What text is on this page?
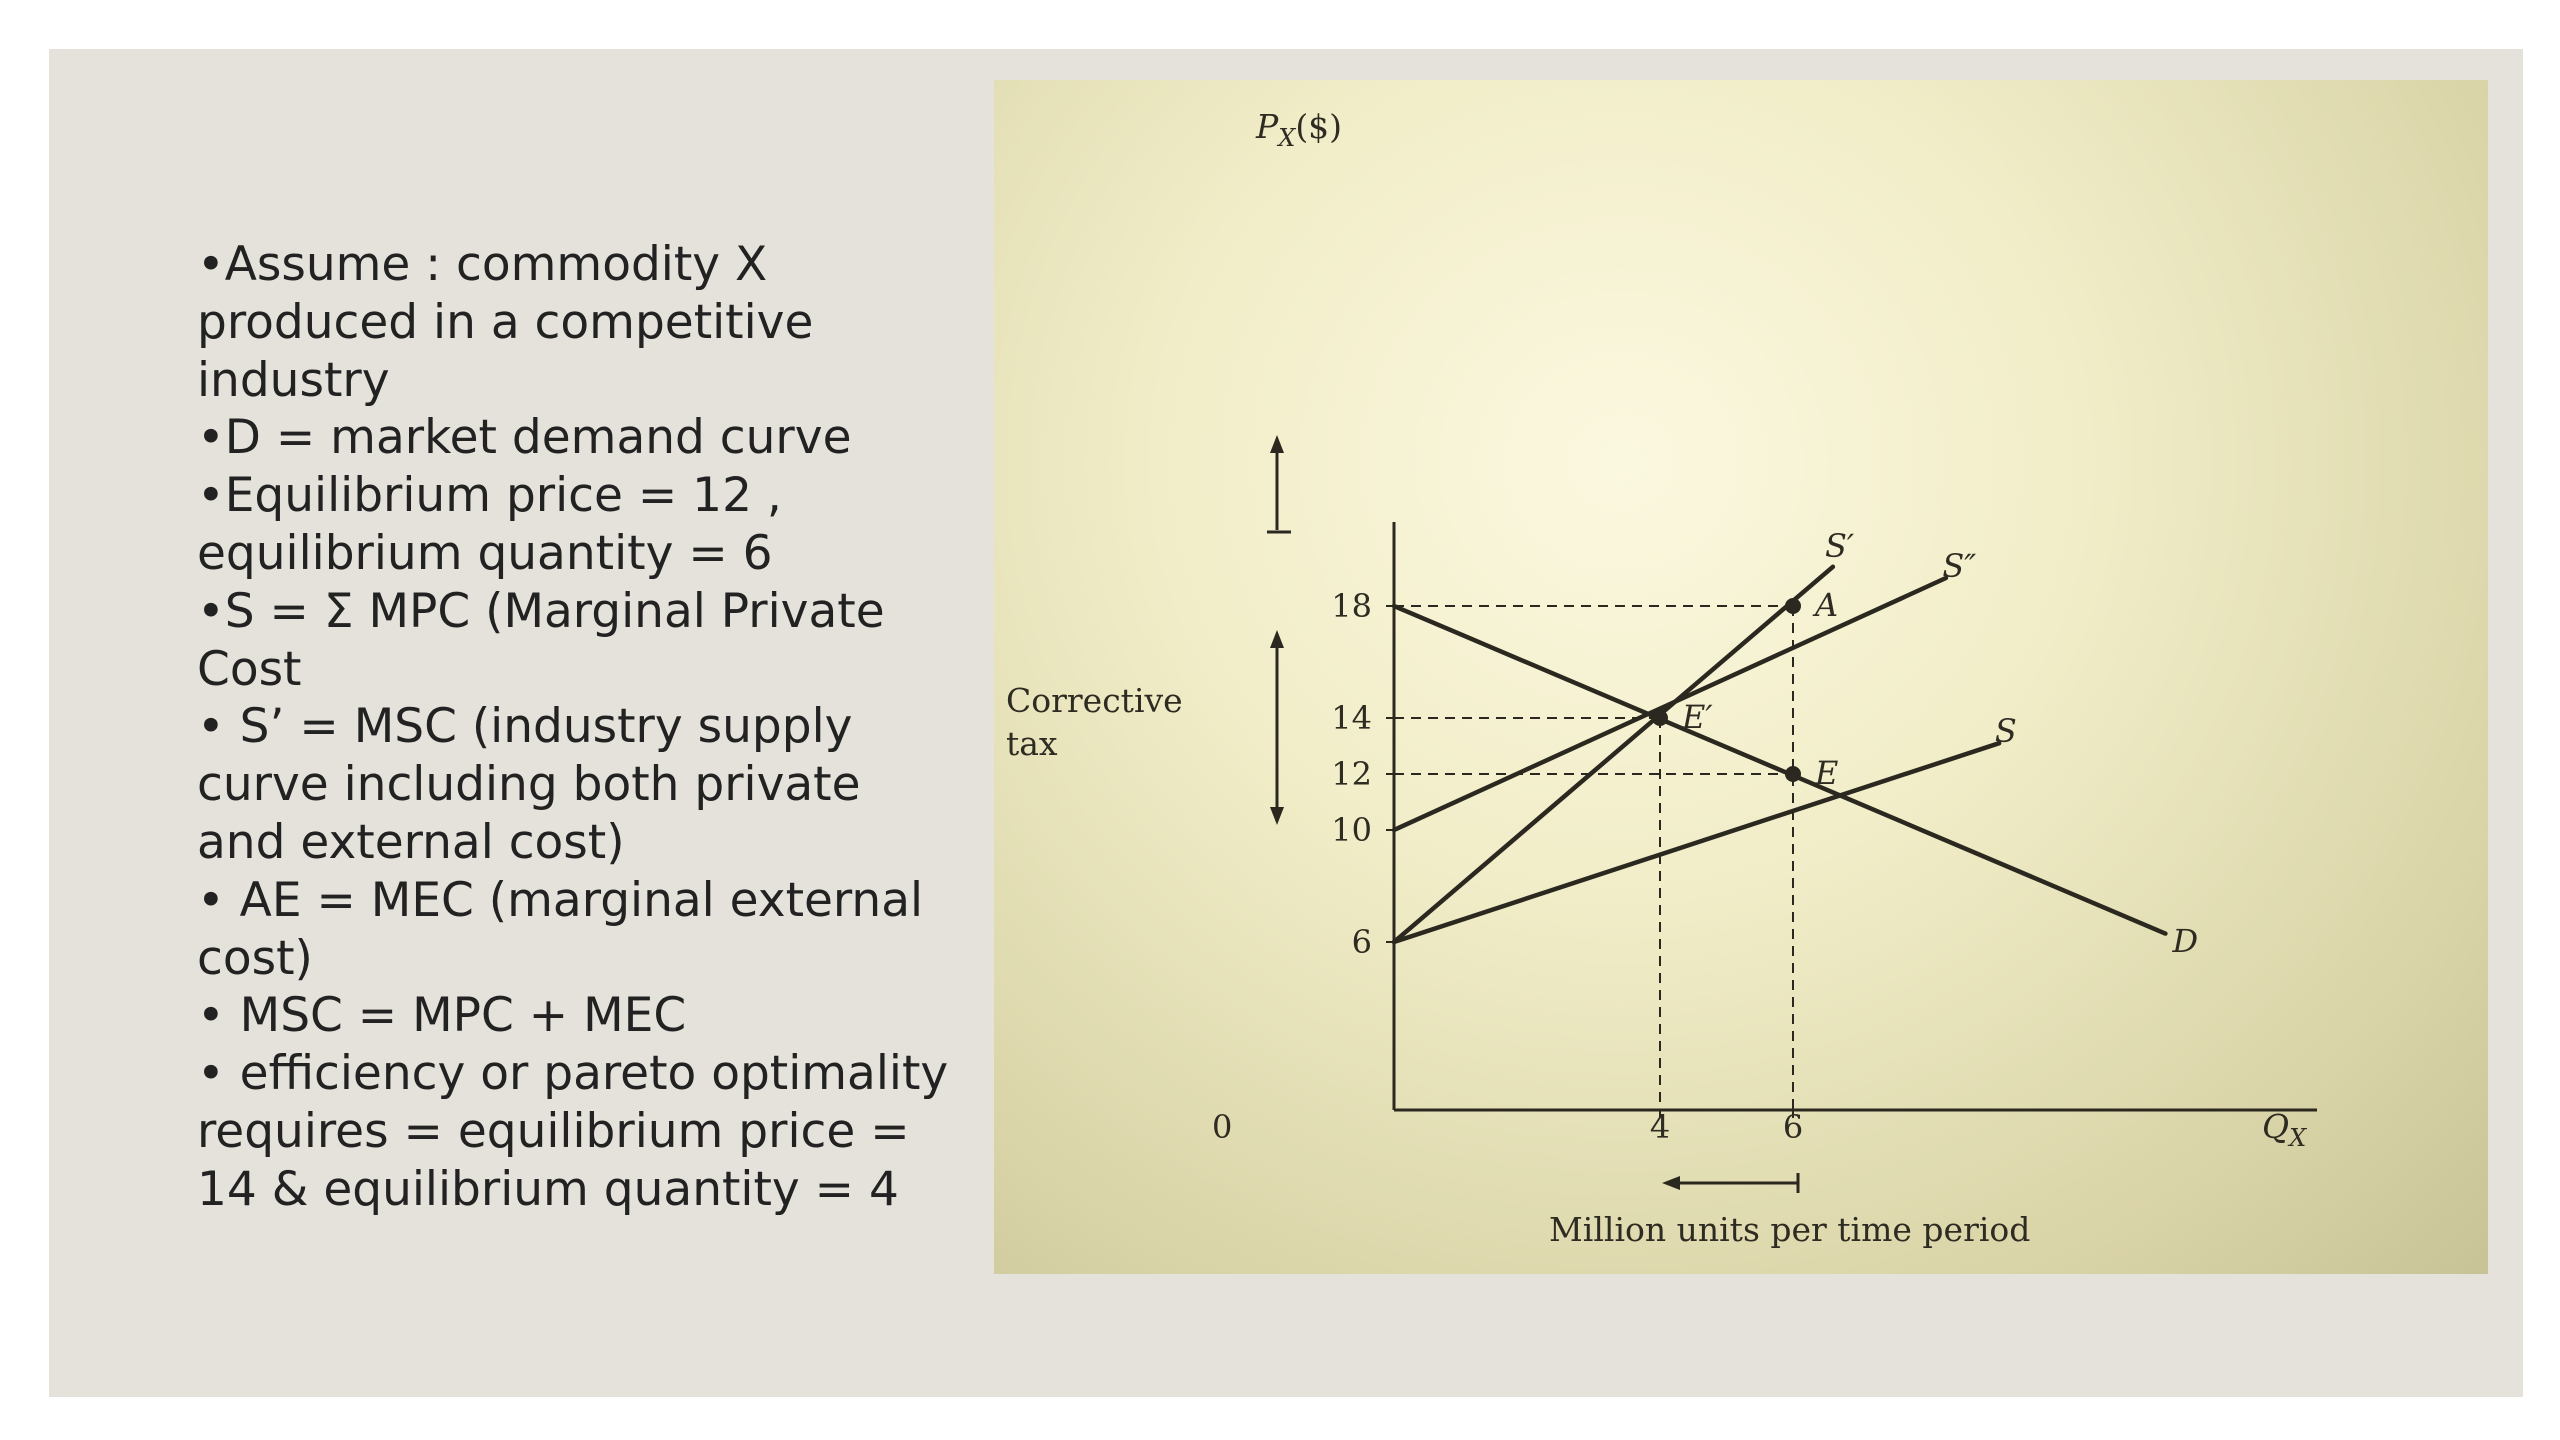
•Assume : commodity X produced in a competitive industry
•D = market demand curve
•Equilibrium price = 12 , equilibrium quantity = 6
•S = Σ MPC (Marginal Private Cost
• S’ = MSC (industry supply curve including both private and external cost)
• AE = MEC (marginal external cost)
• MSC = MPC + MEC
• efficiency or pareto optimality requires = equilibrium price = 14 & equilibrium quantity = 4
18
14
12
10
6
4	6
D
S
S′
S″
A
E′
E
$P_X(\$)$
$Q_X$
Million units per time period
0
Corrective
tax
